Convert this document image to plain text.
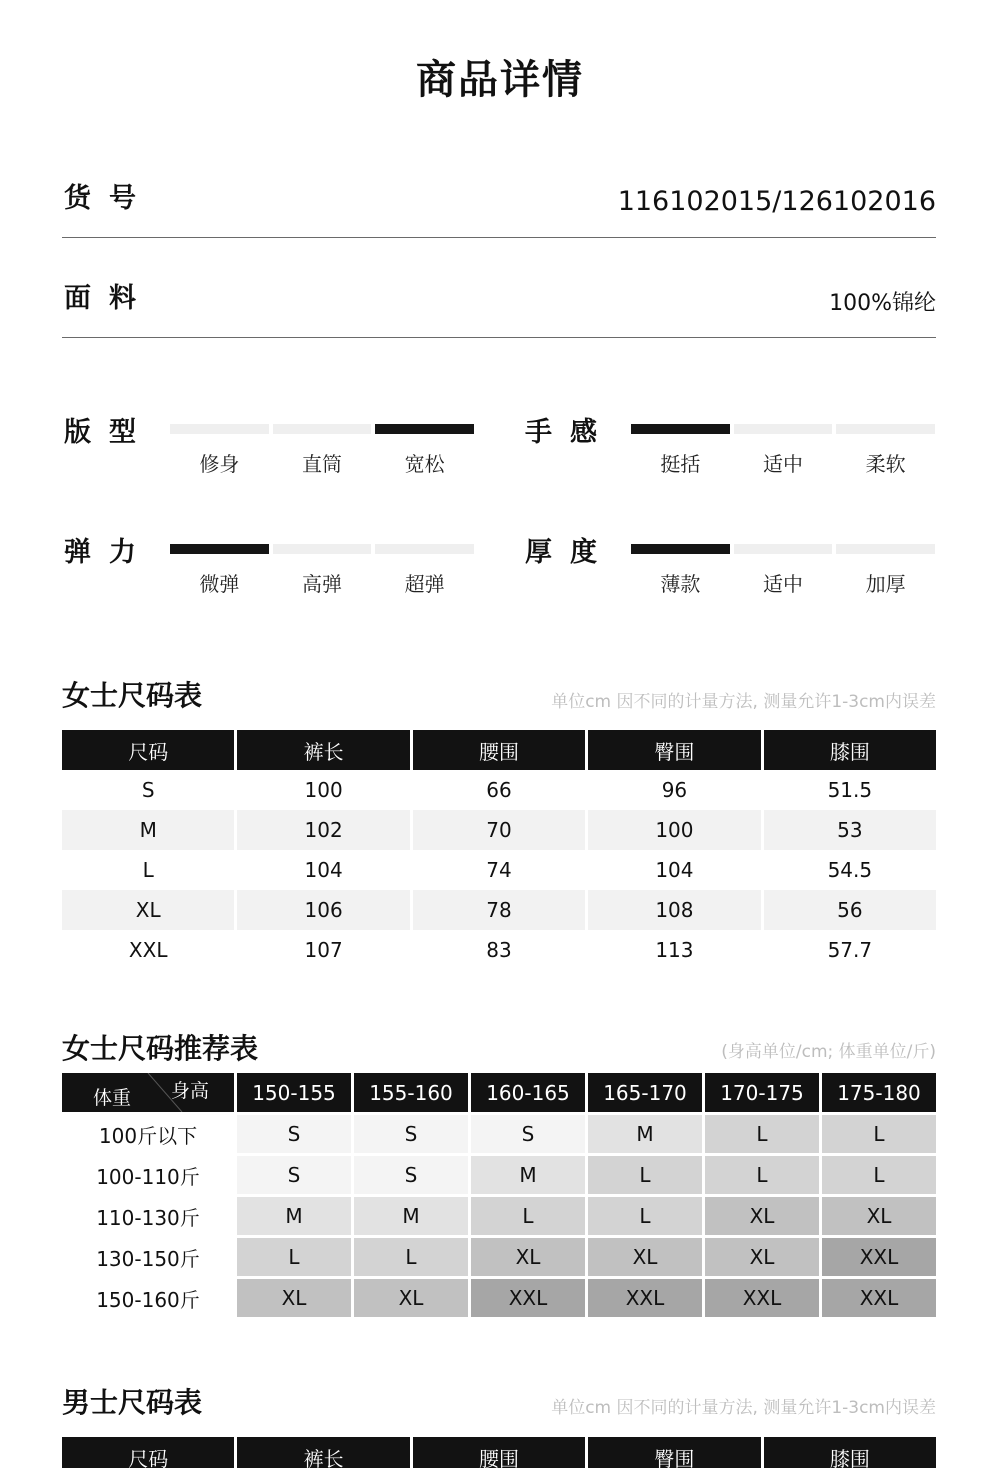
商品详情
货号	116102015/126102016
面料	100%锦纶
版型
修身	直筒	宽松
手感
挺括	适中	柔软
弹力
微弹	高弹	超弹
厚度
薄款	适中	加厚
女士尺码表	单位cm 因不同的计量方法, 测量允许1-3cm内误差
尺码	裤长	腰围	臀围	膝围
S	100	66	96	51.5
M	102	70	100	53
L	104	74	104	54.5
XL	106	78	108	56
XXL	107	83	113	57.7
女士尺码推荐表	(身高单位/cm; 体重单位/斤)
体重 身高	150-155	155-160	160-165	165-170	170-175	175-180
100斤以下	S	S	S	M	L	L
100-110斤	S	S	M	L	L	L
110-130斤	M	M	L	L	XL	XL
130-150斤	L	L	XL	XL	XL	XXL
150-160斤	XL	XL	XXL	XXL	XXL	XXL
男士尺码表	单位cm 因不同的计量方法, 测量允许1-3cm内误差
尺码	裤长	腰围	臀围	膝围
